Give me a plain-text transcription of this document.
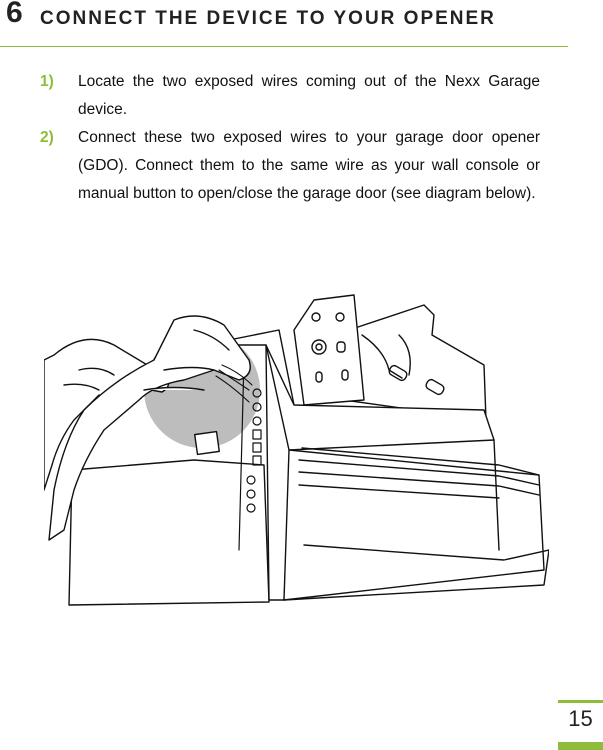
6 CONNECT THE DEVICE TO YOUR OPENER
1) Locate the two exposed wires coming out of the Nexx Garage device.
2) Connect these two exposed wires to your garage door opener (GDO). Connect them to the same wire as your wall console or manual button to open/close the garage door (see diagram below).
15
